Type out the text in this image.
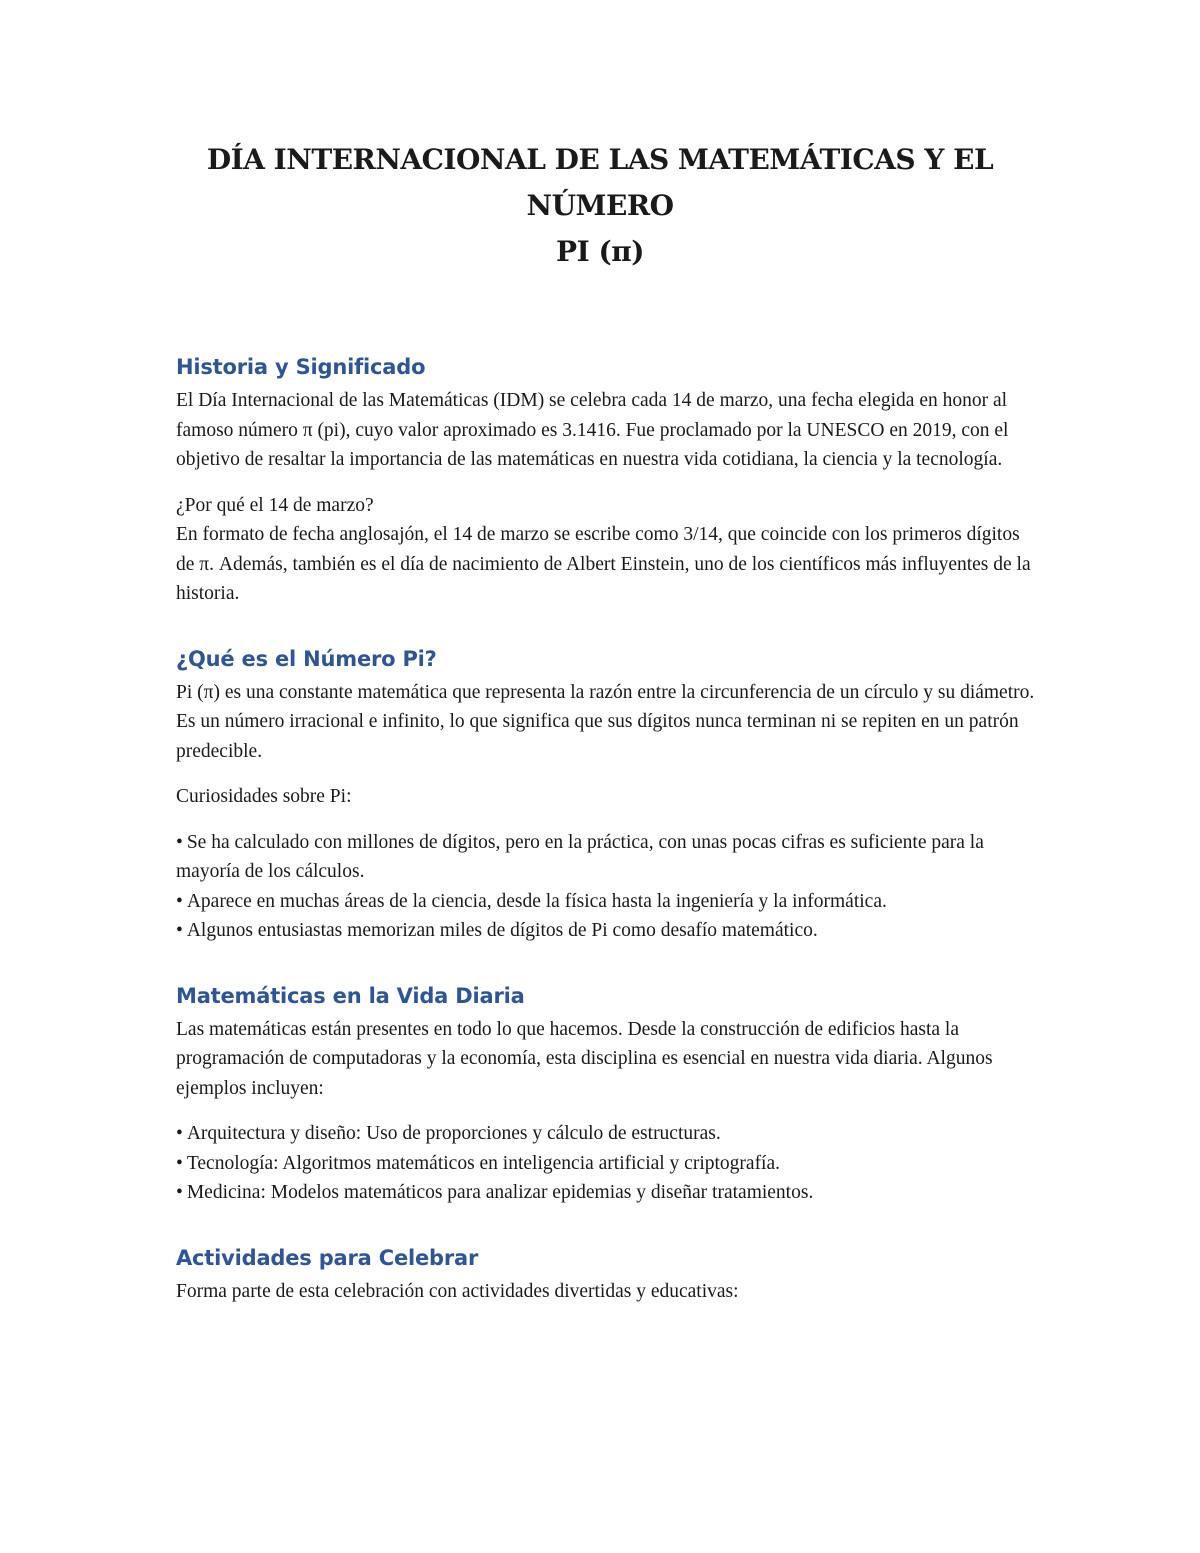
DÍA INTERNACIONAL DE LAS MATEMÁTICAS Y EL NÚMERO
PI (π)
Historia y Significado

El Día Internacional de las Matemáticas (IDM) se celebra cada 14 de marzo, una fecha elegida en honor al famoso número π (pi), cuyo valor aproximado es 3.1416. Fue proclamado por la UNESCO en 2019, con el objetivo de resaltar la importancia de las matemáticas en nuestra vida cotidiana, la ciencia y la tecnología.

¿Por qué el 14 de marzo?

En formato de fecha anglosajón, el 14 de marzo se escribe como 3/14, que coincide con los primeros dígitos de π. Además, también es el día de nacimiento de Albert Einstein, uno de los científicos más influyentes de la historia.

¿Qué es el Número Pi?

Pi (π) es una constante matemática que representa la razón entre la circunferencia de un círculo y su diámetro. Es un número irracional e infinito, lo que significa que sus dígitos nunca terminan ni se repiten en un patrón predecible.

Curiosidades sobre Pi:

• Se ha calculado con millones de dígitos, pero en la práctica, con unas pocas cifras es suficiente para la mayoría de los cálculos.
• Aparece en muchas áreas de la ciencia, desde la física hasta la ingeniería y la informática.
• Algunos entusiastas memorizan miles de dígitos de Pi como desafío matemático.
Matemáticas en la Vida Diaria

Las matemáticas están presentes en todo lo que hacemos. Desde la construcción de edificios hasta la programación de computadoras y la economía, esta disciplina es esencial en nuestra vida diaria. Algunos ejemplos incluyen:

• Arquitectura y diseño: Uso de proporciones y cálculo de estructuras.
• Tecnología: Algoritmos matemáticos en inteligencia artificial y criptografía.
• Medicina: Modelos matemáticos para analizar epidemias y diseñar tratamientos.
Actividades para Celebrar

Forma parte de esta celebración con actividades divertidas y educativas:
